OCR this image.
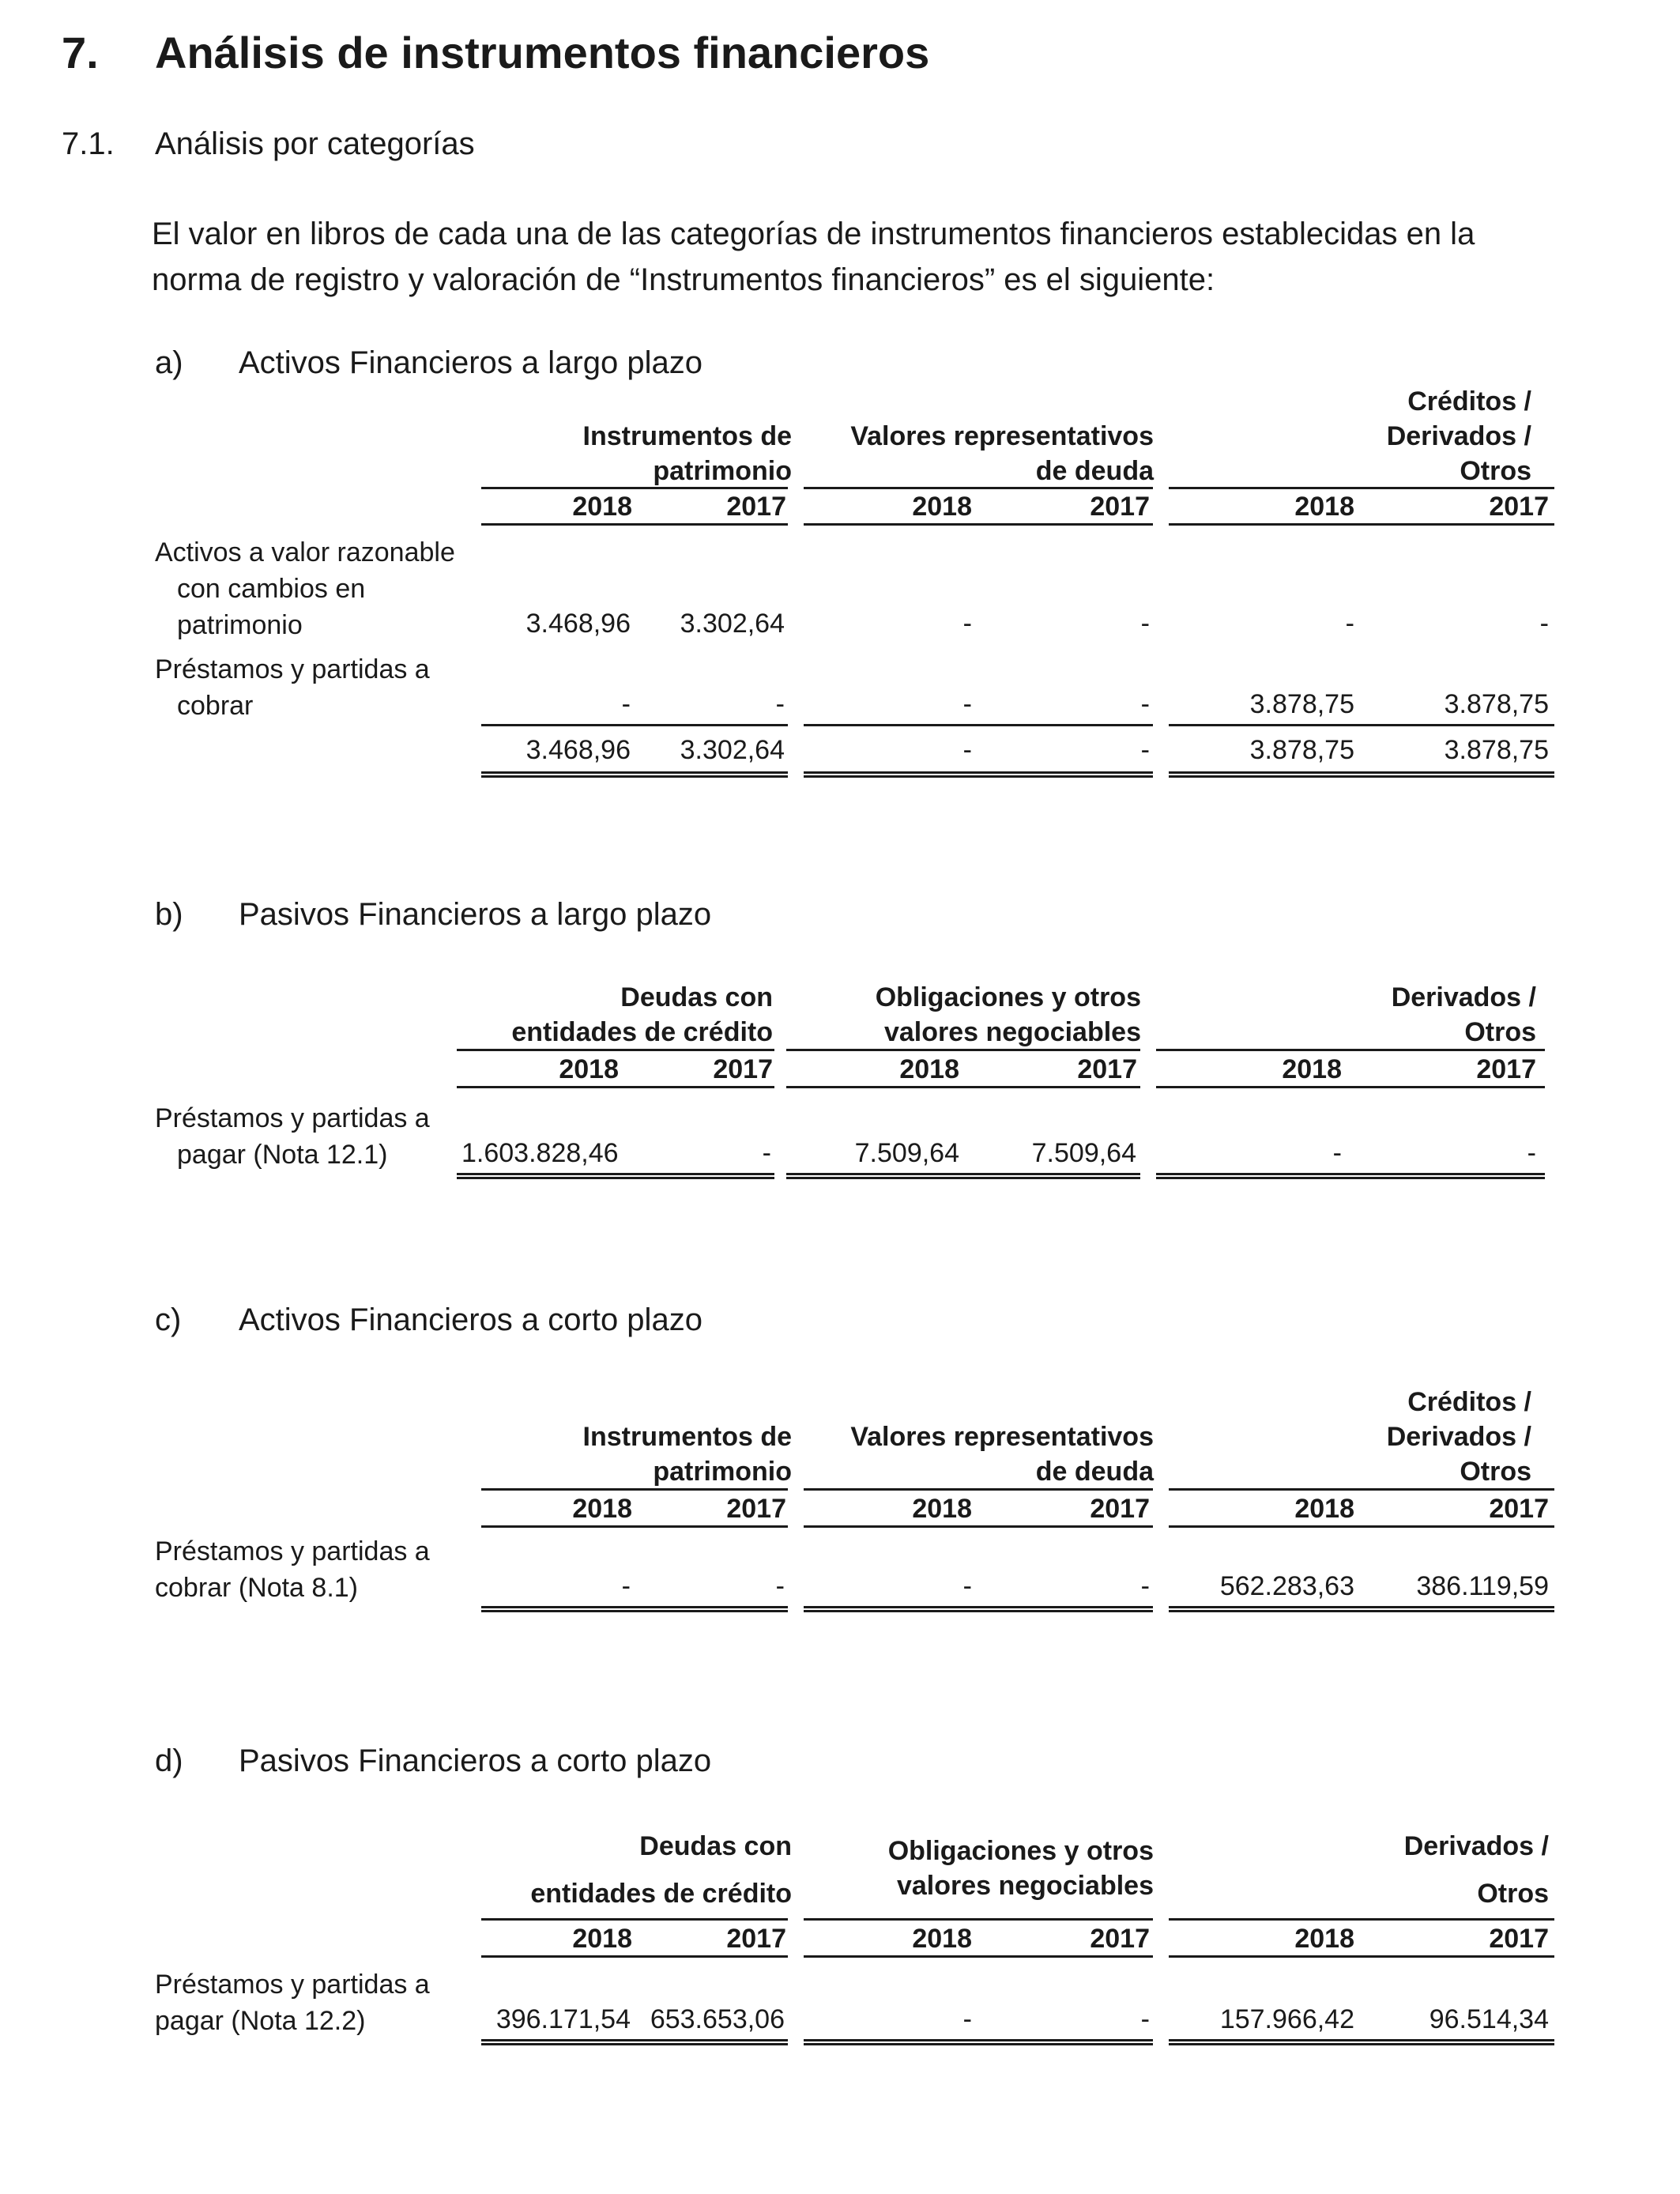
7. Análisis de instrumentos financieros
7.1. Análisis por categorías
El valor en libros de cada una de las categorías de instrumentos financieros establecidas en la
norma de registro y valoración de “Instrumentos financieros” es el siguiente:
a) Activos Financieros a largo plazo
Instrumentos de
patrimonio
Valores representativos
de deuda
Créditos /
Derivados /
Otros
2018	2017	2018	2017	2018	2017
Activos a valor razonable
con cambios en
patrimonio	3.468,96 3.302,64	-	-	-	-
Préstamos y partidas a
cobrar	-	-	-	-	3.878,75	3.878,75
3.468,96 3.302,64	-	-	3.878,75	3.878,75
b) Pasivos Financieros a largo plazo
Deudas con
entidades de crédito
Obligaciones y otros
valores negociables
Derivados /
Otros
2018	2017	2018	2017	2018	2017
Préstamos y partidas a
pagar (Nota 12.1)	1.603.828,46	-	7.509,64	7.509,64	-	-
c) Activos Financieros a corto plazo
Instrumentos de
patrimonio
Valores representativos
de deuda
Créditos /
Derivados /
Otros
2018	2017	2018	2017	2018	2017
Préstamos y partidas a
cobrar (Nota 8.1)	-	-	-	-	562.283,63 386.119,59
d) Pasivos Financieros a corto plazo
Deudas con
entidades de crédito
Obligaciones y otros
valores negociables
Derivados /
Otros
2018	2017	2018	2017	2018	2017
Préstamos y partidas a
pagar (Nota 12.2)	396.171,54 653.653,06	-	-	157.966,42	96.514,34
